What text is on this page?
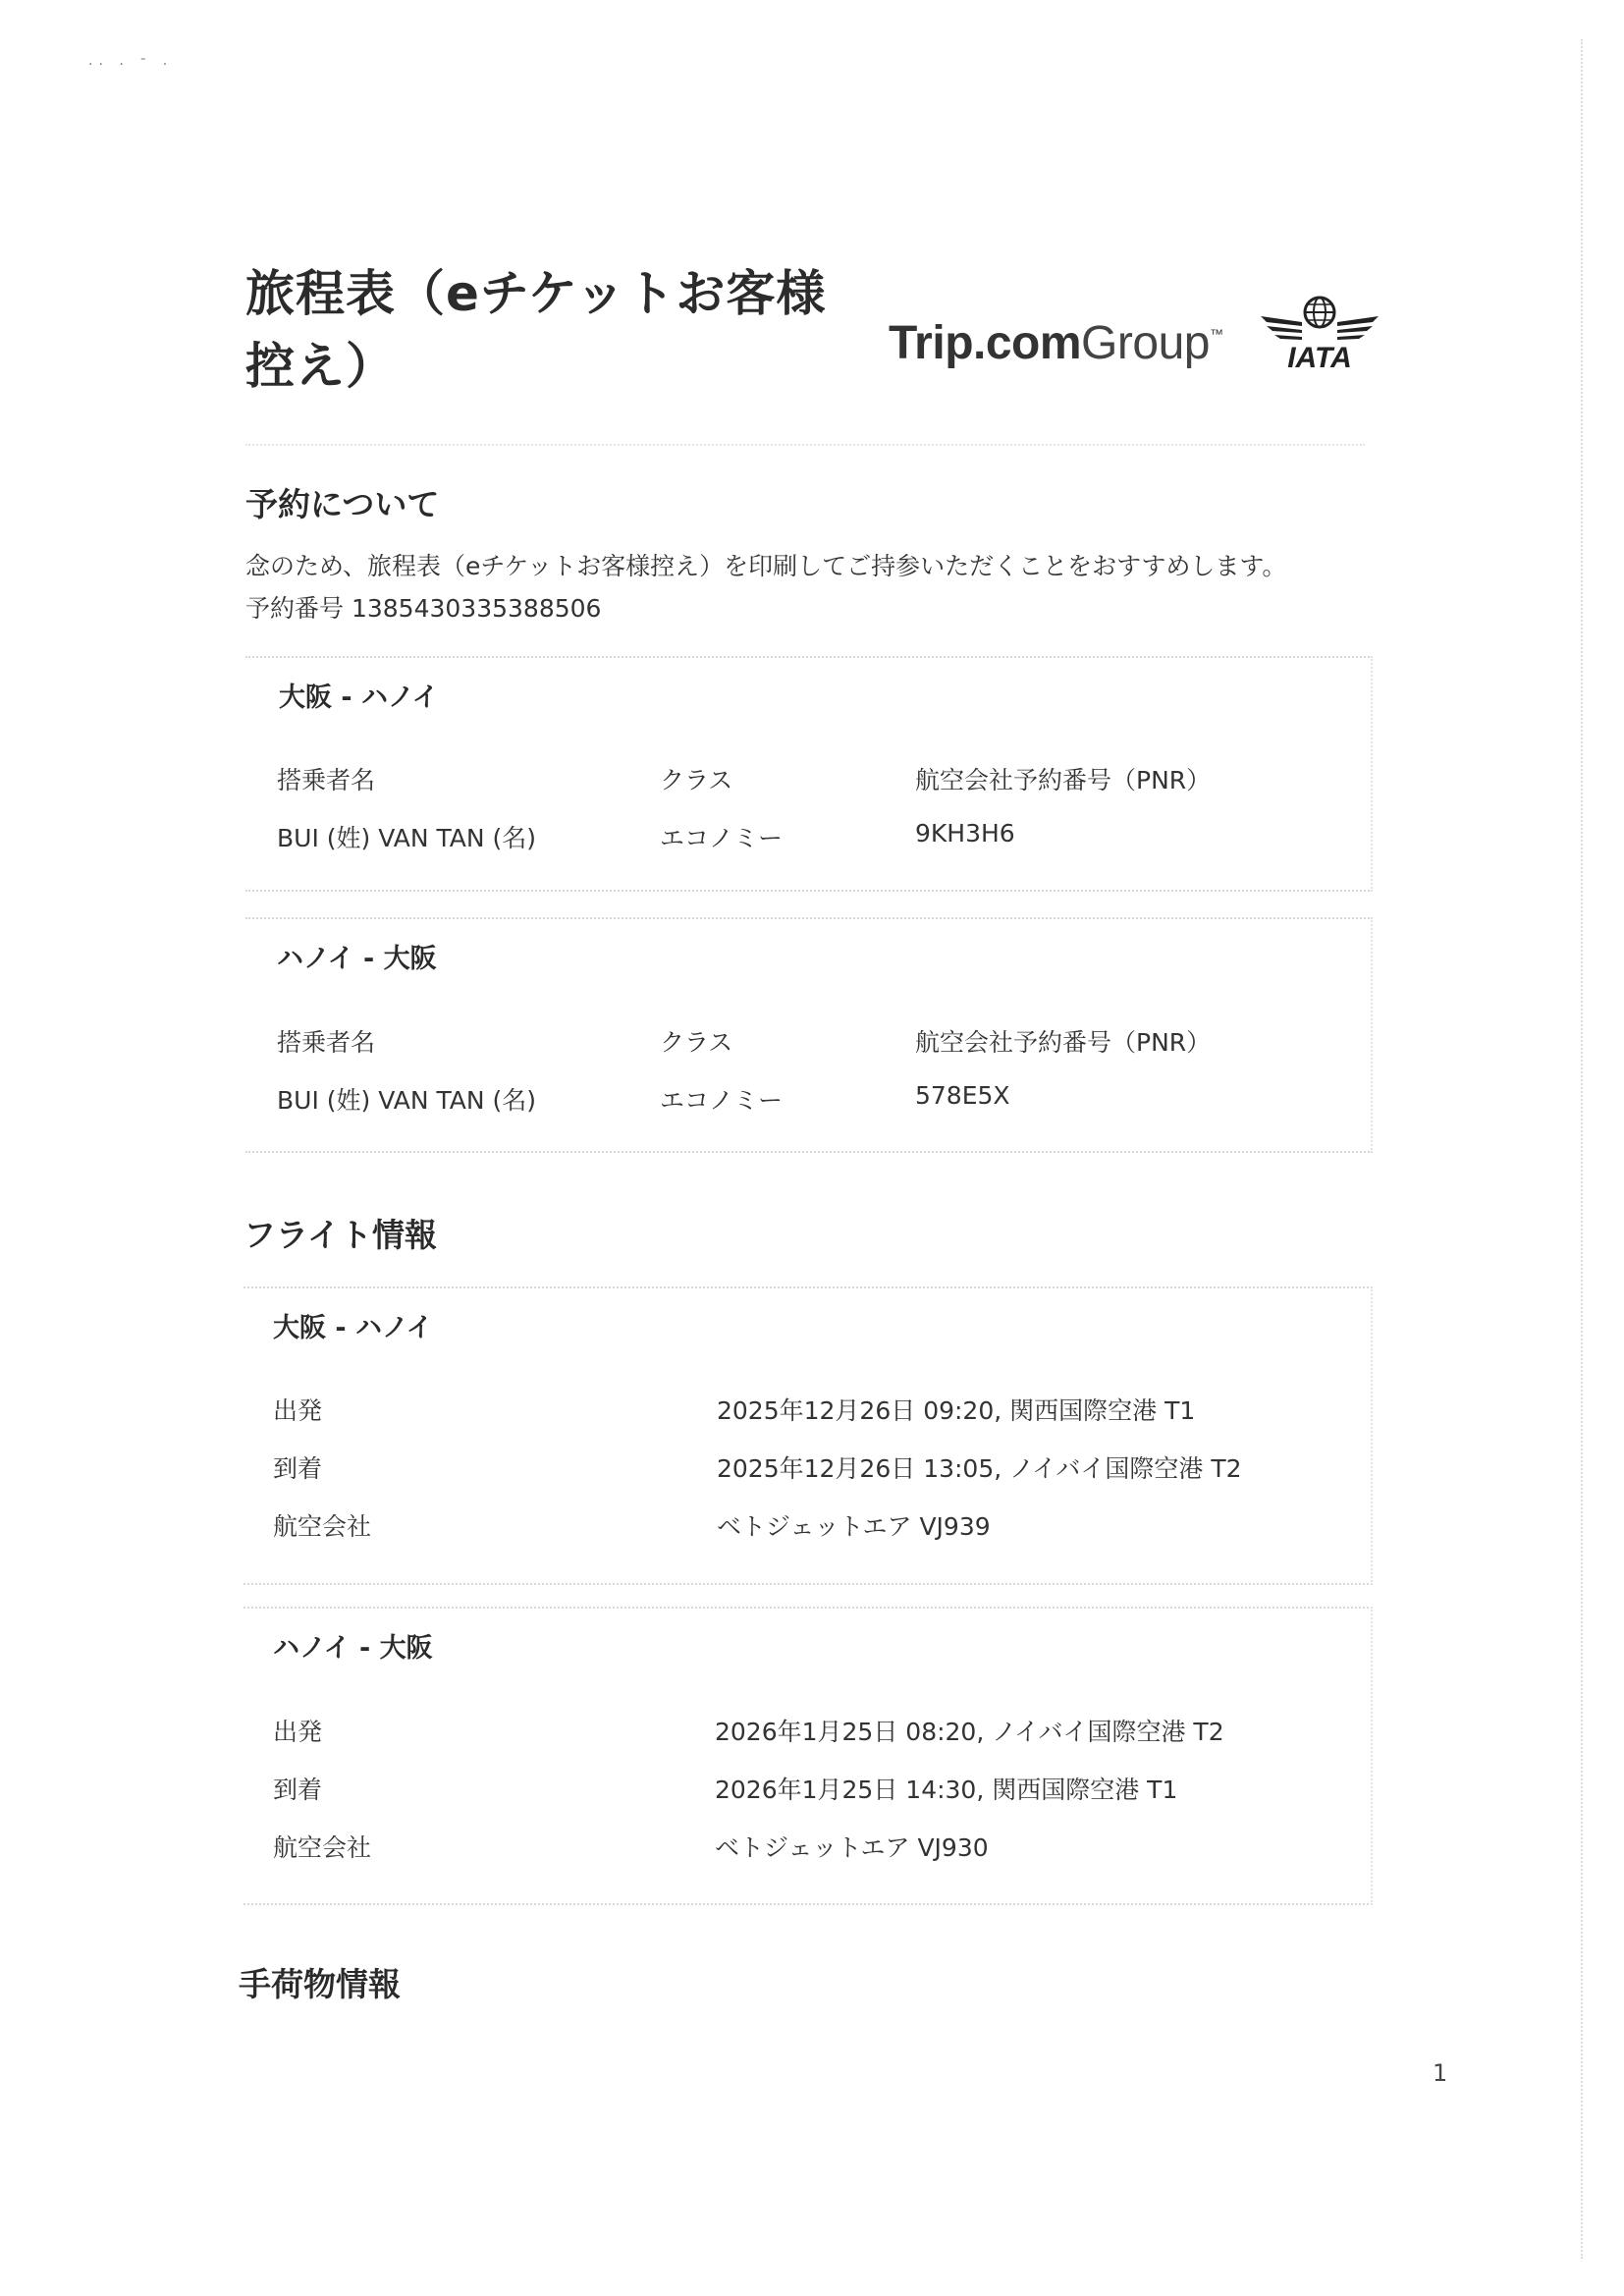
·· · ˉ ·
旅程表（eチケットお客様
控え）	Trip.comGroup™
IATA
予約について
念のため、旅程表（eチケットお客様控え）を印刷してご持参いただくことをおすすめします。
予約番号 1385430335388506
大阪 - ハノイ
搭乗者名	クラス	航空会社予約番号（PNR）
BUI (姓) VAN TAN (名)	エコノミー	9KH3H6
ハノイ - 大阪
搭乗者名	クラス	航空会社予約番号（PNR）
BUI (姓) VAN TAN (名)	エコノミー	578E5X
フライト情報
大阪 - ハノイ
出発	2025年12月26日 09:20, 関西国際空港 T1
到着	2025年12月26日 13:05, ノイバイ国際空港 T2
航空会社	ベトジェットエア VJ939
ハノイ - 大阪
出発	2026年1月25日 08:20, ノイバイ国際空港 T2
到着	2026年1月25日 14:30, 関西国際空港 T1
航空会社	ベトジェットエア VJ930
手荷物情報
1
